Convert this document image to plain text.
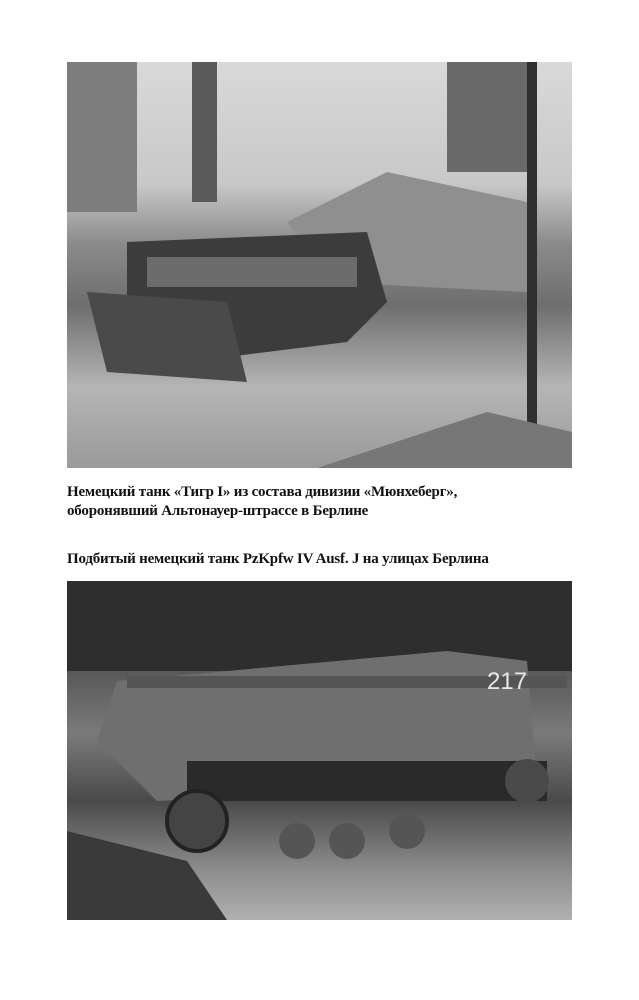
Немецкий танк «Тигр I» из состава дивизии «Мюнхеберг»,
оборонявший Альтонауер-штрассе в Берлине
Подбитый немецкий танк PzKpfw IV Ausf. J на улицах Берлина
217
